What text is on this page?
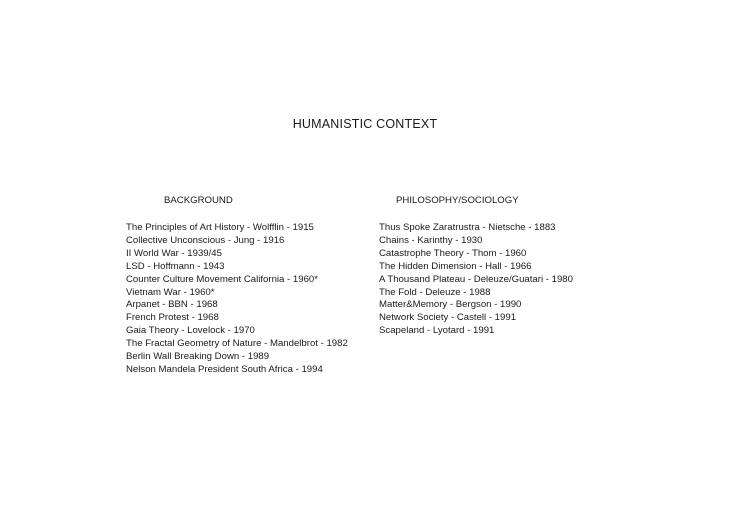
HUMANISTIC CONTEXT
BACKGROUND
The Principles of Art History - Wolfflin - 1915
Collective Unconscious - Jung - 1916
II World War - 1939/45
LSD - Hoffmann - 1943
Counter Culture Movement California - 1960*
Vietnam War - 1960*
Arpanet - BBN - 1968
French Protest - 1968
Gaia Theory - Lovelock - 1970
The Fractal Geometry of Nature - Mandelbrot - 1982
Berlin Wall Breaking Down - 1989
Nelson Mandela President South Africa - 1994
PHILOSOPHY/SOCIOLOGY
Thus Spoke Zaratrustra - Nietsche - 1883
Chains - Karinthy - 1930
Catastrophe Theory - Thom - 1960
The Hidden Dimension - Hall - 1966
A Thousand Plateau - Deleuze/Guatari - 1980
The Fold - Deleuze - 1988
Matter&Memory - Bergson - 1990
Network Society - Castell - 1991
Scapeland - Lyotard - 1991
